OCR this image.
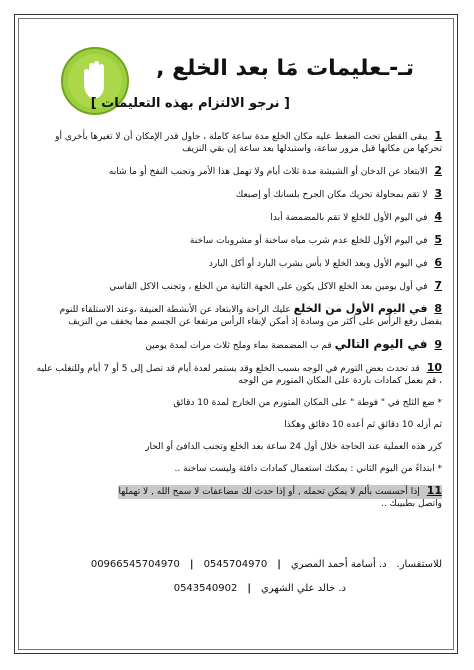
تـ-ـعليمات مَا بعد الخلع ,
[ نرجو الالتزام بهذه التعليمات ]
1 يبقى القطن تحت الضغط عليه مكان الخلع مدة ساعة كاملة ، حاول قدر الإمكان أن لا تغيرها بأخرى أو تحركها من مكانها قبل مرور ساعة، واستبدلها بعد ساعة إن بقي النزيف
2 الابتعاد عن الدخان أو الشيشة مدة ثلاث أيام ولا تهمل هذا الأمر وتجنب النفخ أو ما شابه
3 لا تقم بمحاولة تحريك مكان الجرح بلسانك أو إصبعك
4 في اليوم الأول للخلع لا تقم بالمضمضة أبدا
5 في اليوم الأول للخلع عدم شرب مياه ساخنة أو مشروبات ساخنة
6 في اليوم الأول وبعد الخلع لا بأس بشرب البارد أو أكل البارد
7 في أول يومين بعد الخلع الاكل يكون على الجهة الثانية من الخلع ، وتجنب الاكل القاسي
8 في اليوم الأول من الخلع عليك الراحة والابتعاد عن الأنشطة العنيفة ،وعند الاستلقاء للنوم يفضل رفع الرأس على أكثر من وسادة إذ أمكن لإبقاء الرأس مرتفعا عن الجسم مما يخفف من النزيف
9 في اليوم التالي قم ب المضمضة بماء وملح ثلاث مرات لمدة يومين
10 قد تحدث بعض التورم في الوجه بسبب الخلع وقد يستمر لعدة أيام قد تصل إلى 5 أو 7 أيام وللتغلب عليه ، قم بعمل كمادات باردة على المكان المتورم من الوجه
* ضع الثلج في " فوطة " على المكان المتورم من الخارج لمدة 10 دقائق
ثم أزله 10 دقائق ثم أعده 10 دقائق وهكذا
كرر هذه العملية عند الحاجة خلال أول 24 ساعة بعد الخلع وتجنب الدافئ أو الحار
* ابتداءً من اليوم الثاني : يمكنك استعمال كمادات دافئة وليست ساخنة ..
11 إذا أحسست بألم لا يمكن تحمله , أو إذا حدث لك مضاعفات لا سمح الله , لا تهملها
واتصل بطبيبك ..
للاستفسار.
د. أسامة أحمد المصري
|
0545704970
|
00966545704970
د. خالد علي الشهري
|
0543540902
